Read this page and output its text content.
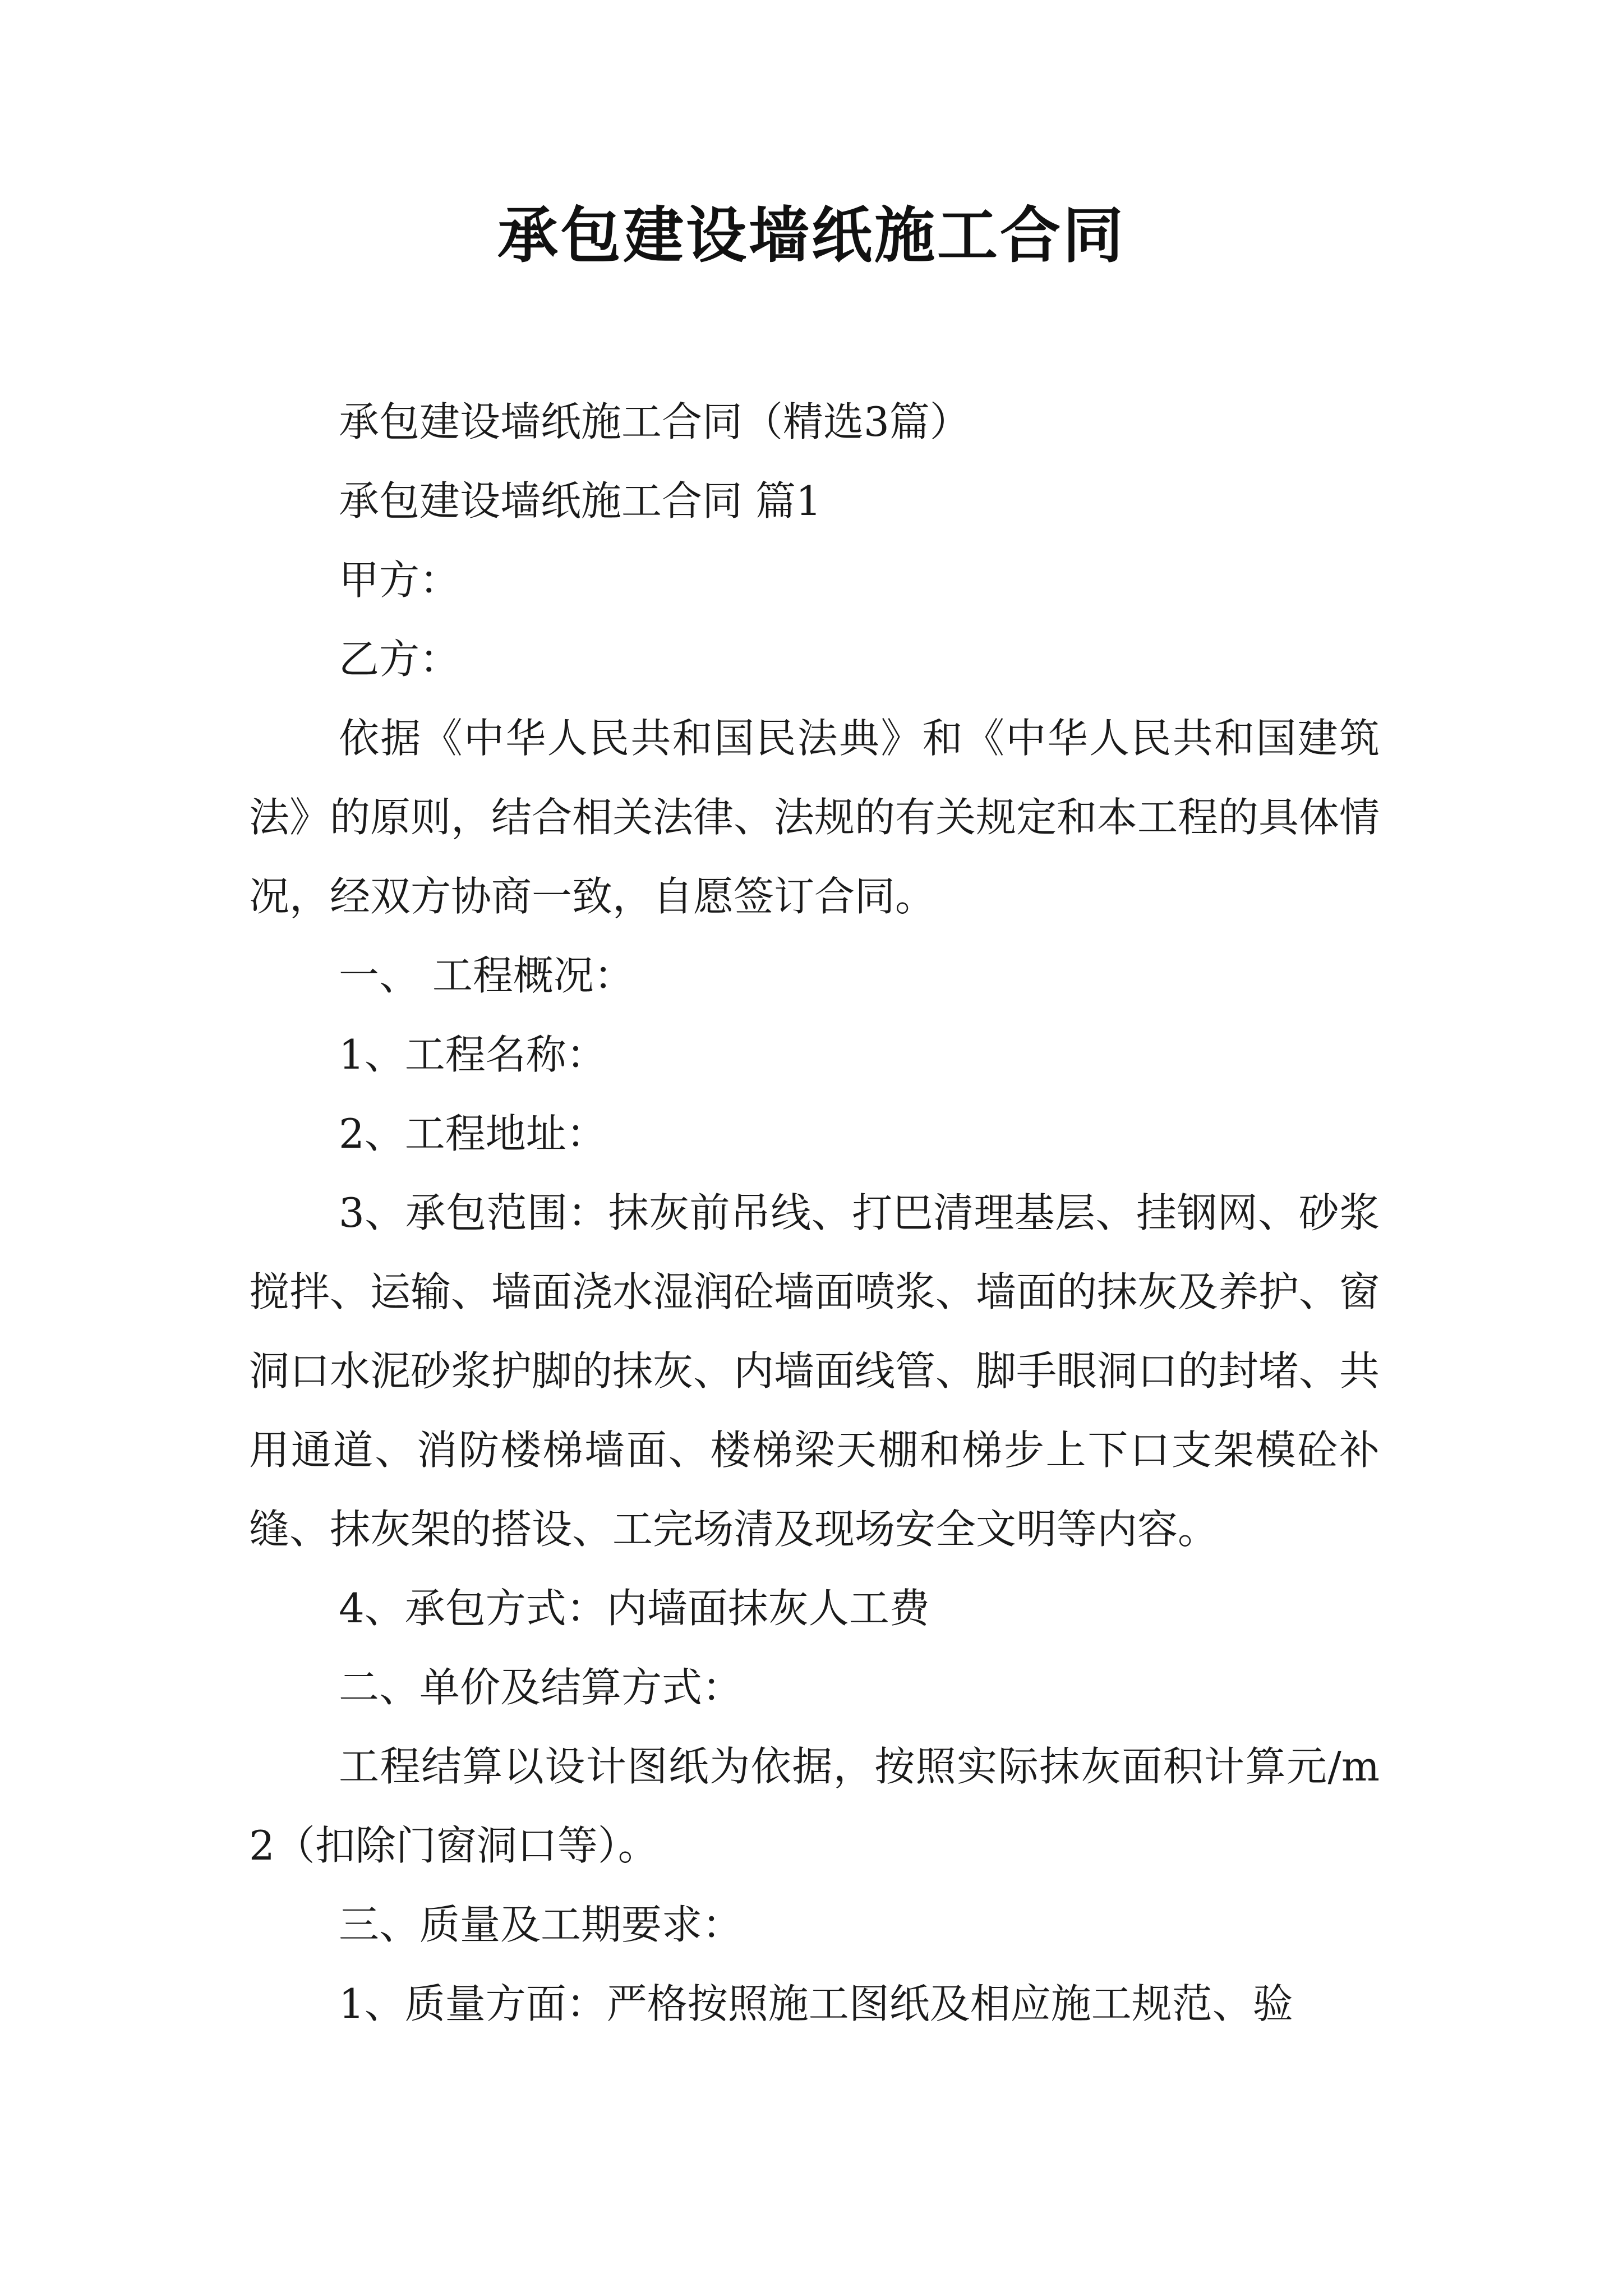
承包建设墙纸施工合同

承包建设墙纸施工合同（精选3篇）

承包建设墙纸施工合同 篇1

甲方：

乙方：

依据《中华人民共和国民法典》和《中华人民共和国建筑法》的原则，结合相关法律、法规的有关规定和本工程的具体情况，经双方协商一致，自愿签订合同。

一、 工程概况：

1、工程名称：

2、工程地址：

3、承包范围：抹灰前吊线、打巴清理基层、挂钢网、砂浆搅拌、运输、墙面浇水湿润砼墙面喷浆、墙面的抹灰及养护、窗洞口水泥砂浆护脚的抹灰、内墙面线管、脚手眼洞口的封堵、共用通道、消防楼梯墙面、楼梯梁天棚和梯步上下口支架模砼补缝、抹灰架的搭设、工完场清及现场安全文明等内容。

4、承包方式：内墙面抹灰人工费

二、单价及结算方式：

工程结算以设计图纸为依据，按照实际抹灰面积计算元/m2（扣除门窗洞口等）。

三、质量及工期要求：

1、质量方面：严格按照施工图纸及相应施工规范、验
